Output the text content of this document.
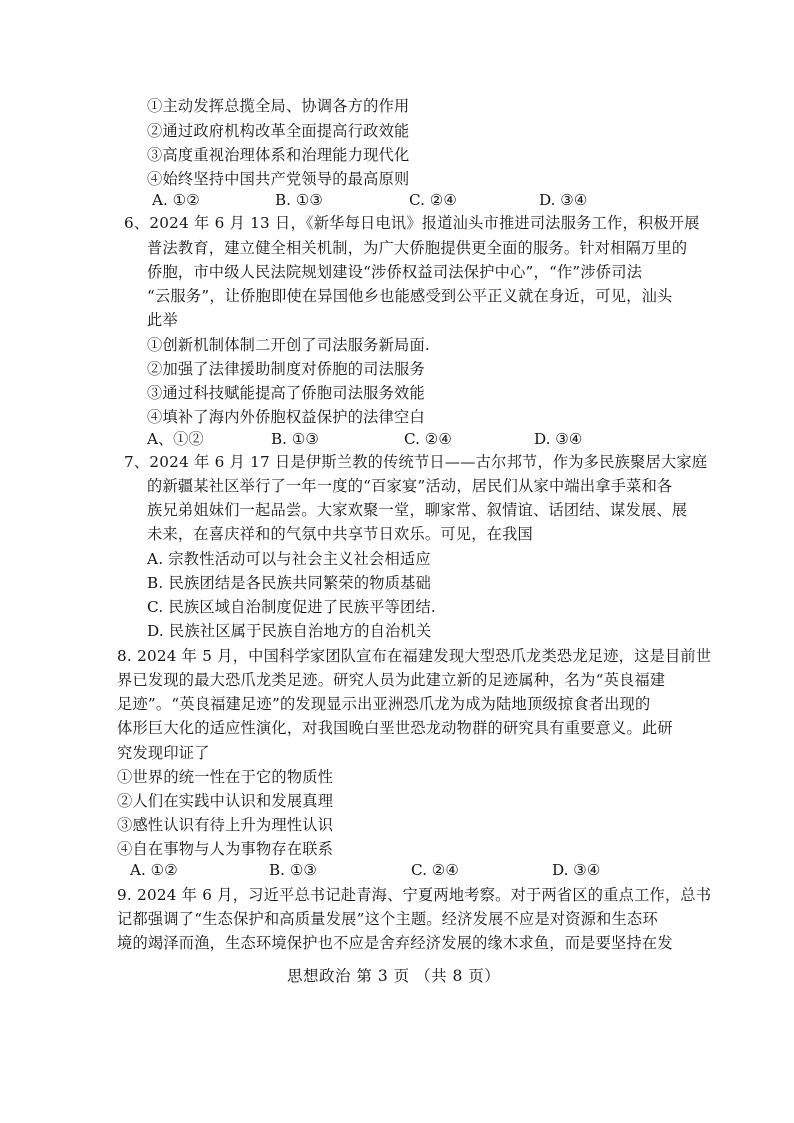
①主动发挥总揽全局、协调各方的作用
②通过政府机构改革全面提高行政效能
③高度重视治理体系和治理能力现代化
④始终坚持中国共产党领导的最高原则
A. ①②	B. ①③	C. ②④	D. ③④
6、2024 年 6 月 13 日，《新华每日电讯》报道汕头市推进司法服务工作，积极开展
普法教育，建立健全相关机制，为广大侨胞提供更全面的服务。针对相隔万里的
侨胞，市中级人民法院规划建设“涉侨权益司法保护中心”，“作”涉侨司法
“云服务”，让侨胞即使在异国他乡也能感受到公平正义就在身近，可见，汕头
此举
①创新机制体制二开创了司法服务新局面.
②加强了法律援助制度对侨胞的司法服务
③通过科技赋能提高了侨胞司法服务效能
④填补了海内外侨胞权益保护的法律空白
A、①②	B. ①③	C. ②④	D. ③④
7、2024 年 6 月 17 日是伊斯兰教的传统节日——古尔邦节，作为多民族聚居大家庭
的新疆某社区举行了一年一度的“百家宴”活动，居民们从家中端出拿手菜和各
族兄弟姐妹们一起品尝。大家欢聚一堂，聊家常、叙情谊、话团结、谋发展、展
未来，在喜庆祥和的气氛中共享节日欢乐。可见，在我国
A. 宗教性活动可以与社会主义社会相适应
B. 民族团结是各民族共同繁荣的物质基础
C. 民族区域自治制度促进了民族平等团结.
D. 民族社区属于民族自治地方的自治机关
8. 2024 年 5 月，中国科学家团队宣布在福建发现大型恐爪龙类恐龙足迹，这是目前世
界已发现的最大恐爪龙类足迹。研究人员为此建立新的足迹属种，名为“英良福建
足迹”。“英良福建足迹”的发现显示出亚洲恐爪龙为成为陆地顶级掠食者出现的
体形巨大化的适应性演化，对我国晚白垩世恐龙动物群的研究具有重要意义。此研
究发现印证了
①世界的统一性在于它的物质性
②人们在实践中认识和发展真理
③感性认识有待上升为理性认识
④自在事物与人为事物存在联系
A. ①②	B. ①③	C. ②④	D. ③④
9. 2024 年 6 月，习近平总书记赴青海、宁夏两地考察。对于两省区的重点工作，总书
记都强调了“生态保护和高质量发展”这个主题。经济发展不应是对资源和生态环
境的竭泽而渔，生态环境保护也不应是舍弃经济发展的缘木求鱼，而是要坚持在发
思想政治 第 3 页 （共 8 页）
